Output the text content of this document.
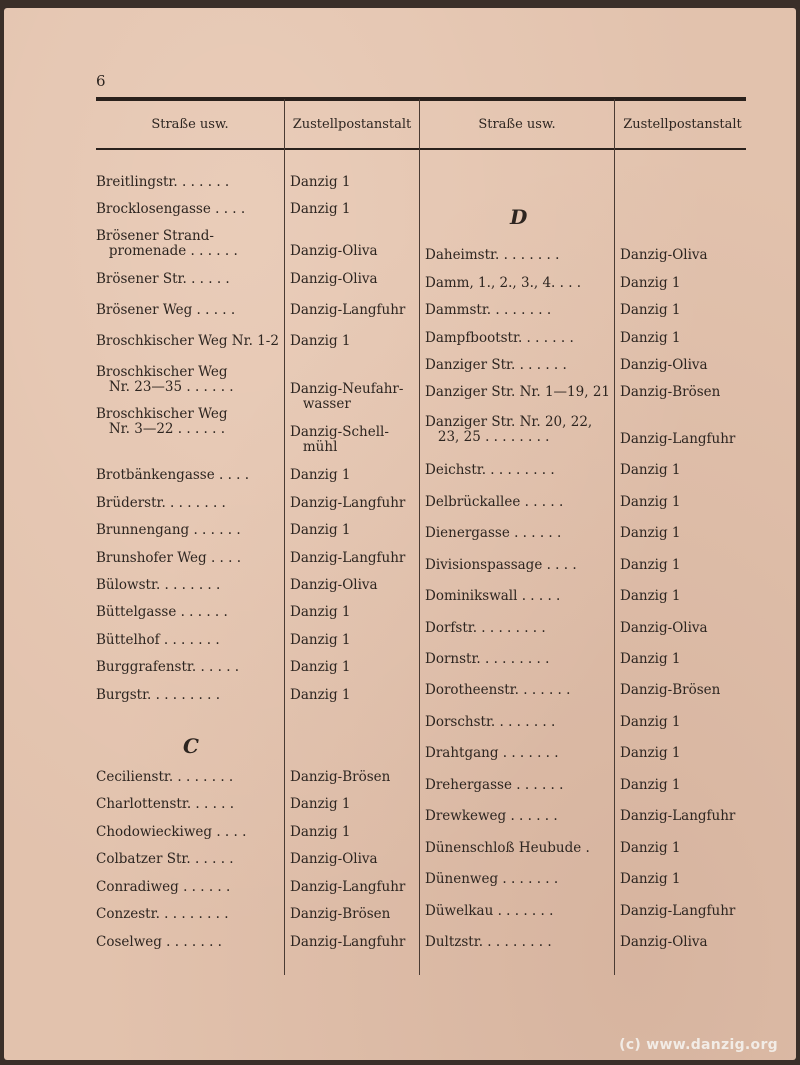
6
Straße usw.	Zustellpostanstalt	Straße usw.	Zustellpostanstalt
Breitlingstr. . . . . . .	Danzig 1
Brocklosengasse . . . .	Danzig 1
Brösener Strand-
promenade . . . . . .	Danzig-Oliva
Brösener Str. . . . . .	Danzig-Oliva
Brösener Weg . . . . .	Danzig-Langfuhr
Broschkischer Weg Nr. 1-2 Danzig 1
Broschkischer Weg
Nr. 23—35 . . . . . .	Danzig-Neufahr-
wasser
Broschkischer Weg
Nr. 3—22 . . . . . .	Danzig-Schell-
mühl
Brotbänkengasse . . . .	Danzig 1
Brüderstr. . . . . . . .	Danzig-Langfuhr
Brunnengang . . . . . .	Danzig 1
Brunshofer Weg . . . .	Danzig-Langfuhr
Bülowstr. . . . . . . .	Danzig-Oliva
Büttelgasse . . . . . .	Danzig 1
Büttelhof . . . . . . .	Danzig 1
Burggrafenstr. . . . . .	Danzig 1
Burgstr. . . . . . . . .	Danzig 1
C
Cecilienstr. . . . . . . .	Danzig-Brösen
Charlottenstr. . . . . .	Danzig 1
Chodowieckiweg . . . .	Danzig 1
Colbatzer Str. . . . . .	Danzig-Oliva
Conradiweg . . . . . .	Danzig-Langfuhr
Conzestr. . . . . . . . .	Danzig-Brösen
Coselweg . . . . . . .	Danzig-Langfuhr
D
Daheimstr. . . . . . . .	Danzig-Oliva
Damm, 1., 2., 3., 4. . . .	Danzig 1
Dammstr. . . . . . . .	Danzig 1
Dampfbootstr. . . . . . .	Danzig 1
Danziger Str. . . . . . .	Danzig-Oliva
Danziger Str. Nr. 1—19, 21 Danzig-Brösen
Danziger Str. Nr. 20, 22,
23, 25 . . . . . . . .	Danzig-Langfuhr
Deichstr. . . . . . . . .	Danzig 1
Delbrückallee . . . . .	Danzig 1
Dienergasse . . . . . .	Danzig 1
Divisionspassage . . . .	Danzig 1
Dominikswall . . . . .	Danzig 1
Dorfstr. . . . . . . . .	Danzig-Oliva
Dornstr. . . . . . . . .	Danzig 1
Dorotheenstr. . . . . . .	Danzig-Brösen
Dorschstr. . . . . . . .	Danzig 1
Drahtgang . . . . . . .	Danzig 1
Drehergasse . . . . . .	Danzig 1
Drewkeweg . . . . . .	Danzig-Langfuhr
Dünenschloß Heubude . Danzig 1
Dünenweg . . . . . . .	Danzig 1
Düwelkau . . . . . . .	Danzig-Langfuhr
Dultzstr. . . . . . . . .	Danzig-Oliva
(c) www.danzig.org
